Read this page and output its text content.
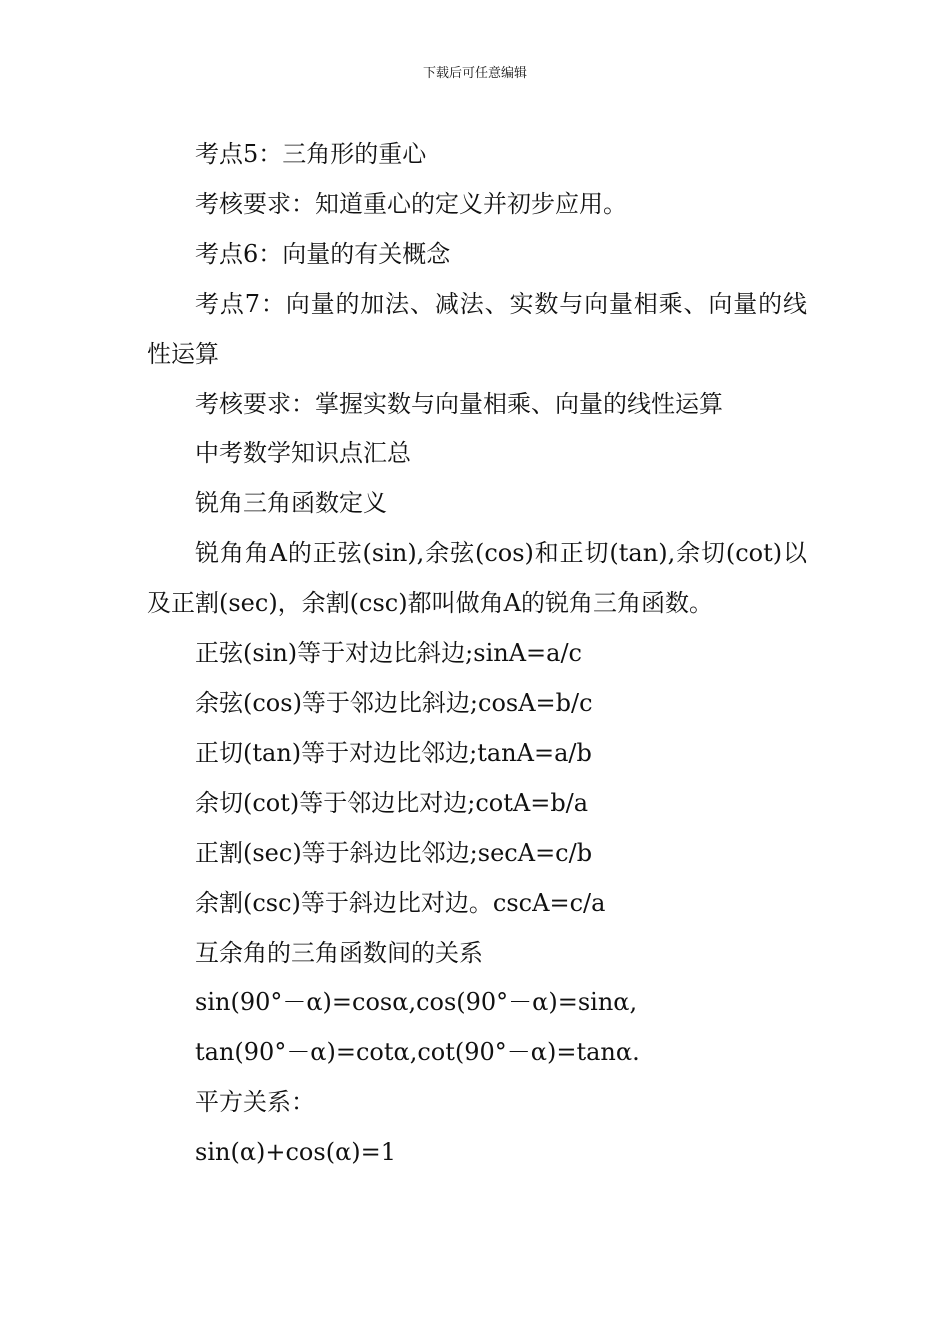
下载后可任意编辑

考点5：三角形的重心

考核要求：知道重心的定义并初步应用。

考点6：向量的有关概念

考点7：向量的加法、减法、实数与向量相乘、向量的线性运算

考核要求：掌握实数与向量相乘、向量的线性运算

中考数学知识点汇总

锐角三角函数定义

锐角角A的正弦(sin),余弦(cos)和正切(tan),余切(cot)以及正割(sec)，余割(csc)都叫做角A的锐角三角函数。

正弦(sin)等于对边比斜边;sinA=a/c

余弦(cos)等于邻边比斜边;cosA=b/c

正切(tan)等于对边比邻边;tanA=a/b

余切(cot)等于邻边比对边;cotA=b/a

正割(sec)等于斜边比邻边;secA=c/b

余割(csc)等于斜边比对边。cscA=c/a

互余角的三角函数间的关系

sin(90°－α)=cosα,cos(90°－α)=sinα,

tan(90°－α)=cotα,cot(90°－α)=tanα.

平方关系：

sin(α)+cos(α)=1
